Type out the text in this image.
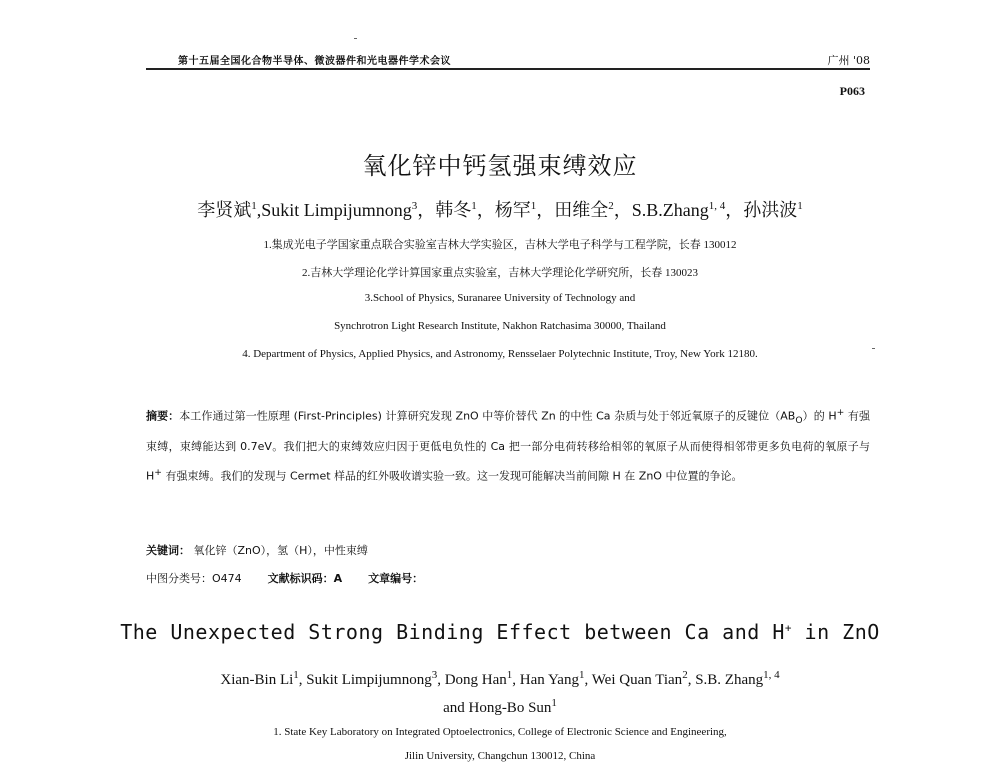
第十五届全国化合物半导体、微波器件和光电器件学术会议	广州 '08
P063
氧化锌中钙氢强束缚效应
李贤斌$^1$,Sukit Limpijumnong$^3$，韩冬$^1$，杨罕$^1$，田维全$^2$，S.B.Zhang$^{1, 4}$，孙洪波$^1$
1.集成光电子学国家重点联合实验室吉林大学实验区，吉林大学电子科学与工程学院，长春 130012
2.吉林大学理论化学计算国家重点实验室，吉林大学理论化学研究所，长春 130023
3.School of Physics, Suranaree University of Technology and
Synchrotron Light Research Institute, Nakhon Ratchasima 30000, Thailand
4. Department of Physics, Applied Physics, and Astronomy, Rensselaer Polytechnic Institute, Troy, New York 12180.
摘要：本工作通过第一性原理 (First-Principles) 计算研究发现 ZnO 中等价替代 Zn 的中性 Ca 杂质与处于邻近氧原子的反键位$(AB_O)$的 H+ 有强束缚，束缚能达到 0.7eV。我们把大的束缚效应归因于更低电负性的 Ca 把一部分电荷转移给相邻的氧原子从而使得相邻带更多负电荷的氧原子与 H+ 有强束缚。我们的发现与 Cermet 样品的红外吸收谱实验一致。这一发现可能解决当前间隙 H 在 ZnO 中位置的争论。
关键词： 氧化锌（ZnO），氢（H），中性束缚
中图分类号：O474 文献标识码：A 文章编号：
The Unexpected Strong Binding Effect between Ca and H+ in ZnO
Xian-Bin Li$^1$, Sukit Limpijumnong$^3$, Dong Han$^1$, Han Yang$^1$, Wei Quan Tian$^2$, S.B. Zhang$^{1, 4}$
and Hong-Bo Sun$^1$
1. State Key Laboratory on Integrated Optoelectronics, College of Electronic Science and Engineering,
Jilin University, Changchun 130012, China
